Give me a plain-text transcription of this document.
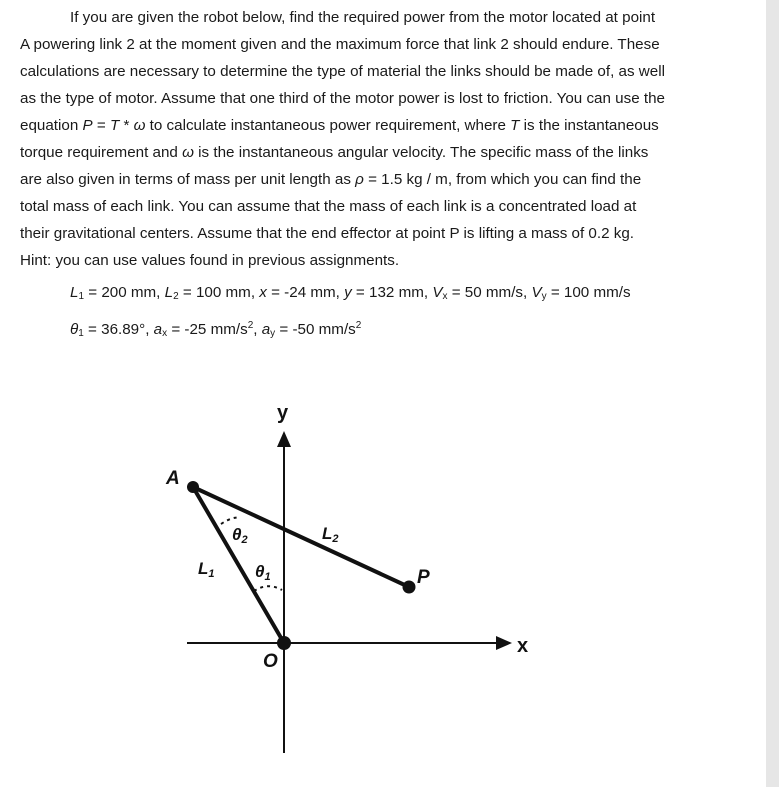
If you are given the robot below, find the required power from the motor located at point
A powering link 2 at the moment given and the maximum force that link 2 should endure. These
calculations are necessary to determine the type of material the links should be made of, as well
as the type of motor. Assume that one third of the motor power is lost to friction. You can use the
equation P = T * ω to calculate instantaneous power requirement, where T is the instantaneous
torque requirement and ω is the instantaneous angular velocity. The specific mass of the links
are also given in terms of mass per unit length as ρ = 1.5 kg / m, from which you can find the
total mass of each link. You can assume that the mass of each link is a concentrated load at
their gravitational centers. Assume that the end effector at point P is lifting a mass of 0.2 kg.
Hint: you can use values found in previous assignments.
$L_1 = 200$ mm, $L_2 = 100$ mm, x = -24 mm, y = 132 mm, $V_x = 50$ mm/s, $V_y = 100$ mm/s
$\theta_1 = 36.89^\circ$, $a_x = -25$ $mm/s^2$, $a_y = -50$ $mm/s^2$
y
x
A
O
P
L1
L2
θ2
θ1
